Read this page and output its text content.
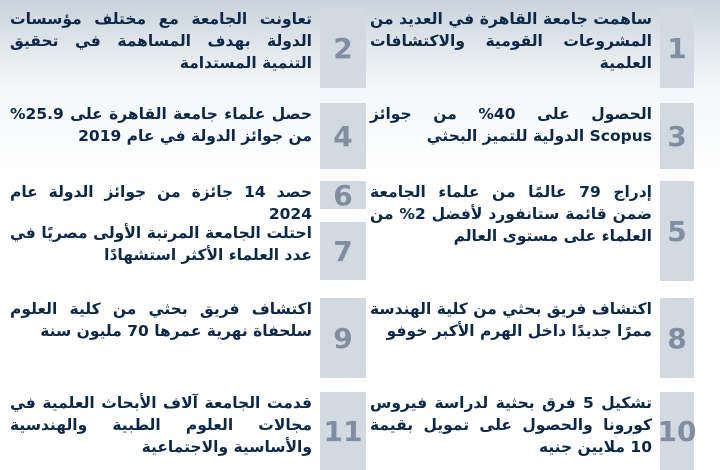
ساهمت جامعة القاهرة في العديد من المشروعات القومية والاكتشافات العلمية 1
تعاونت الجامعة مع مختلف مؤسسات الدولة بهدف المساهمة في تحقيق التنمية المستدامة 2
الحصول على 40% من جوائز Scopus الدولية للتميز البحثي 3
حصل علماء جامعة القاهرة على 25.9% من جوائز الدولة في عام 2019 4
إدراج 79 عالمًا من علماء الجامعة ضمن قائمة ستانفورد لأفضل 2% من العلماء على مستوى العالم 5
حصد 14 جائزة من جوائز الدولة عام 2024
6
احتلت الجامعة المرتبة الأولى مصريًا في عدد العلماء الأكثر استشهادًا 7
اكتشاف فريق بحثي من كلية الهندسة ممرًا جديدًا داخل الهرم الأكبر خوفو 8
اكتشاف فريق بحثي من كلية العلوم سلحفاة نهرية عمرها 70 مليون سنة 9
تشكيل 5 فرق بحثية لدراسة فيروس كورونا والحصول على تمويل بقيمة 10 ملايين جنيه 10
قدمت الجامعة آلاف الأبحاث العلمية في مجالات العلوم الطبية والهندسية والأساسية والاجتماعية 11
